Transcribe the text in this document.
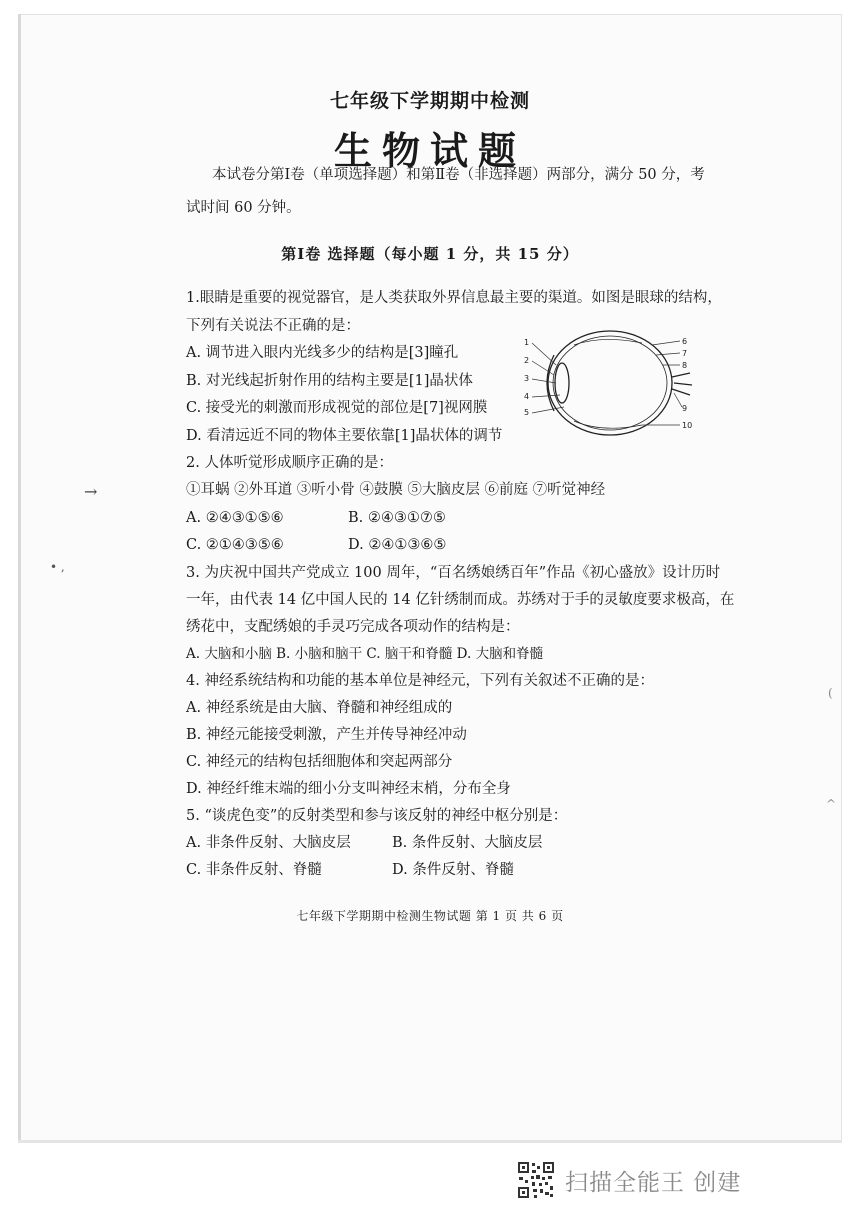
七年级下学期期中检测
生物试题
本试卷分第Ⅰ卷（单项选择题）和第Ⅱ卷（非选择题）两部分，满分 50 分，考
试时间 60 分钟。
第Ⅰ卷 选择题（每小题 1 分，共 15 分）
1.眼睛是重要的视觉器官，是人类获取外界信息最主要的渠道。如图是眼球的结构，
下列有关说法不正确的是：
A. 调节进入眼内光线多少的结构是[3]瞳孔
B. 对光线起折射作用的结构主要是[1]晶状体
C. 接受光的刺激而形成视觉的部位是[7]视网膜
D. 看清远近不同的物体主要依靠[1]晶状体的调节
1
2
3
4
5
6
7
8
9
10
2. 人体听觉形成顺序正确的是：
①耳蜗 ②外耳道 ③听小骨 ④鼓膜 ⑤大脑皮层 ⑥前庭 ⑦听觉神经
A. ②④③①⑤⑥	B. ②④③①⑦⑤
C. ②①④③⑤⑥	D. ②④①③⑥⑤
3. 为庆祝中国共产党成立 100 周年，“百名绣娘绣百年”作品《初心盛放》设计历时
一年，由代表 14 亿中国人民的 14 亿针绣制而成。苏绣对于手的灵敏度要求极高，在
绣花中，支配绣娘的手灵巧完成各项动作的结构是：
A. 大脑和小脑 B. 小脑和脑干 C. 脑干和脊髓 D. 大脑和脊髓
4. 神经系统结构和功能的基本单位是神经元，下列有关叙述不正确的是：
A. 神经系统是由大脑、脊髓和神经组成的
B. 神经元能接受刺激，产生并传导神经冲动
C. 神经元的结构包括细胞体和突起两部分
D. 神经纤维末端的细小分支叫神经末梢，分布全身
5. “谈虎色变”的反射类型和参与该反射的神经中枢分别是：
A. 非条件反射、大脑皮层	B. 条件反射、大脑皮层
C. 非条件反射、脊髓	D. 条件反射、脊髓
七年级下学期期中检测生物试题 第 1 页 共 6 页
→
• ,
(
^
扫描全能王 创建
